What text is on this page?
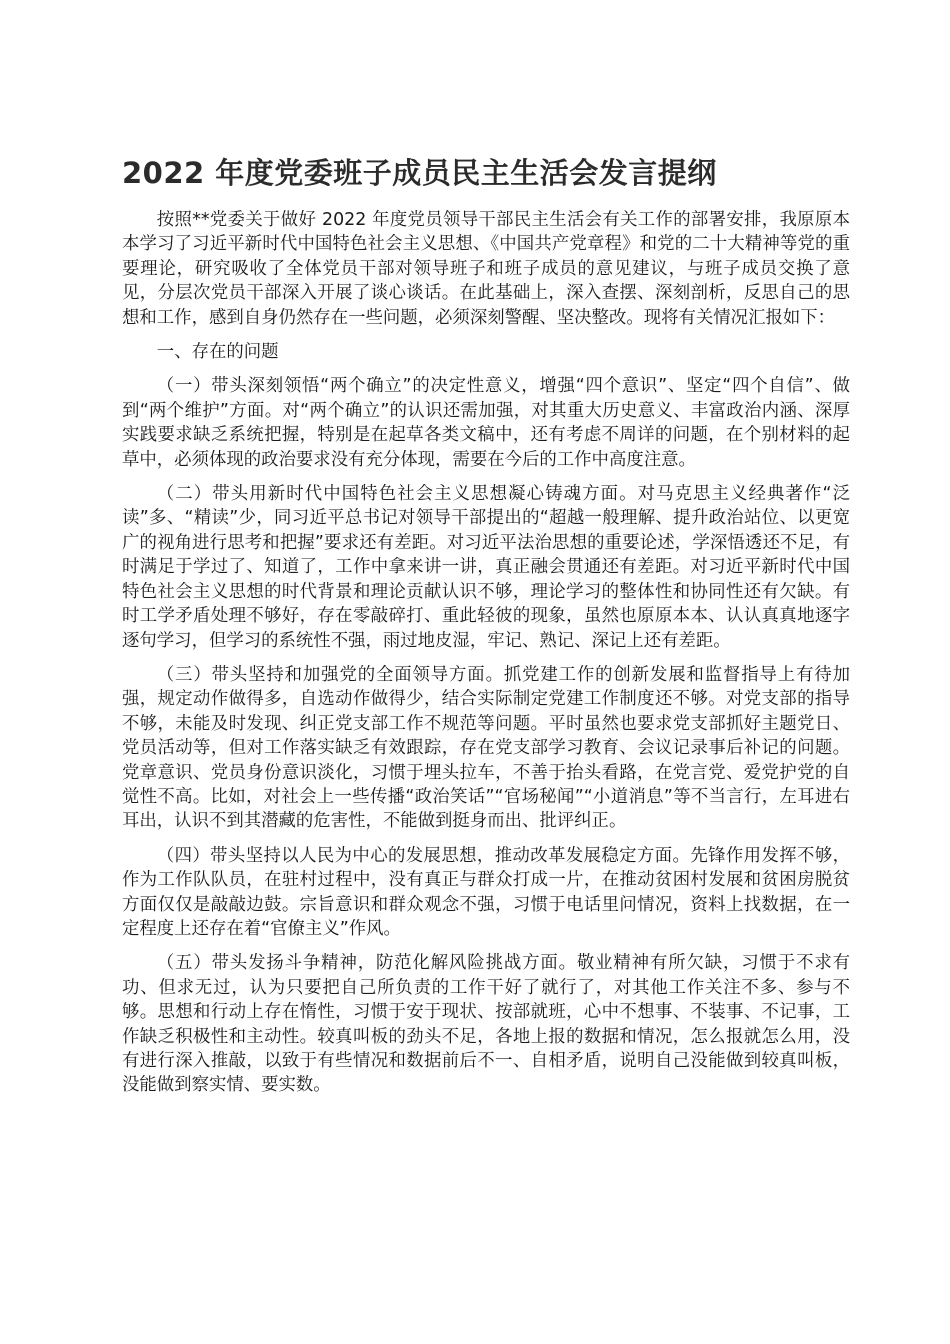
2022 年度党委班子成员民主生活会发言提纲

按照**党委关于做好 2022 年度党员领导干部民主生活会有关工作的部署安排，我原原本本学习了习近平新时代中国特色社会主义思想、《中国共产党章程》和党的二十大精神等党的重要理论，研究吸收了全体党员干部对领导班子和班子成员的意见建议，与班子成员交换了意见，分层次党员干部深入开展了谈心谈话。在此基础上，深入查摆、深刻剖析，反思自己的思想和工作，感到自身仍然存在一些问题，必须深刻警醒、坚决整改。现将有关情况汇报如下：

一、存在的问题

（一）带头深刻领悟“两个确立”的决定性意义，增强“四个意识”、坚定“四个自信”、做到“两个维护”方面。对“两个确立”的认识还需加强，对其重大历史意义、丰富政治内涵、深厚实践要求缺乏系统把握，特别是在起草各类文稿中，还有考虑不周详的问题，在个别材料的起草中，必须体现的政治要求没有充分体现，需要在今后的工作中高度注意。

（二）带头用新时代中国特色社会主义思想凝心铸魂方面。对马克思主义经典著作“泛读”多、“精读”少，同习近平总书记对领导干部提出的“超越一般理解、提升政治站位、以更宽广的视角进行思考和把握”要求还有差距。对习近平法治思想的重要论述，学深悟透还不足，有时满足于学过了、知道了，工作中拿来讲一讲，真正融会贯通还有差距。对习近平新时代中国特色社会主义思想的时代背景和理论贡献认识不够，理论学习的整体性和协同性还有欠缺。有时工学矛盾处理不够好，存在零敲碎打、重此轻彼的现象，虽然也原原本本、认认真真地逐字逐句学习，但学习的系统性不强，雨过地皮湿，牢记、熟记、深记上还有差距。

（三）带头坚持和加强党的全面领导方面。抓党建工作的创新发展和监督指导上有待加强，规定动作做得多，自选动作做得少，结合实际制定党建工作制度还不够。对党支部的指导不够，未能及时发现、纠正党支部工作不规范等问题。平时虽然也要求党支部抓好主题党日、党员活动等，但对工作落实缺乏有效跟踪，存在党支部学习教育、会议记录事后补记的问题。党章意识、党员身份意识淡化，习惯于埋头拉车，不善于抬头看路，在党言党、爱党护党的自觉性不高。比如，对社会上一些传播“政治笑话”“官场秘闻”“小道消息”等不当言行，左耳进右耳出，认识不到其潜藏的危害性，不能做到挺身而出、批评纠正。

（四）带头坚持以人民为中心的发展思想，推动改革发展稳定方面。先锋作用发挥不够，作为工作队队员，在驻村过程中，没有真正与群众打成一片，在推动贫困村发展和贫困房脱贫方面仅仅是敲敲边鼓。宗旨意识和群众观念不强，习惯于电话里问情况，资料上找数据，在一定程度上还存在着“官僚主义”作风。

（五）带头发扬斗争精神，防范化解风险挑战方面。敬业精神有所欠缺，习惯于不求有功、但求无过，认为只要把自己所负责的工作干好了就行了，对其他工作关注不多、参与不够。思想和行动上存在惰性，习惯于安于现状、按部就班，心中不想事、不装事、不记事，工作缺乏积极性和主动性。较真叫板的劲头不足，各地上报的数据和情况，怎么报就怎么用，没有进行深入推敲，以致于有些情况和数据前后不一、自相矛盾，说明自己没能做到较真叫板，没能做到察实情、要实数。
